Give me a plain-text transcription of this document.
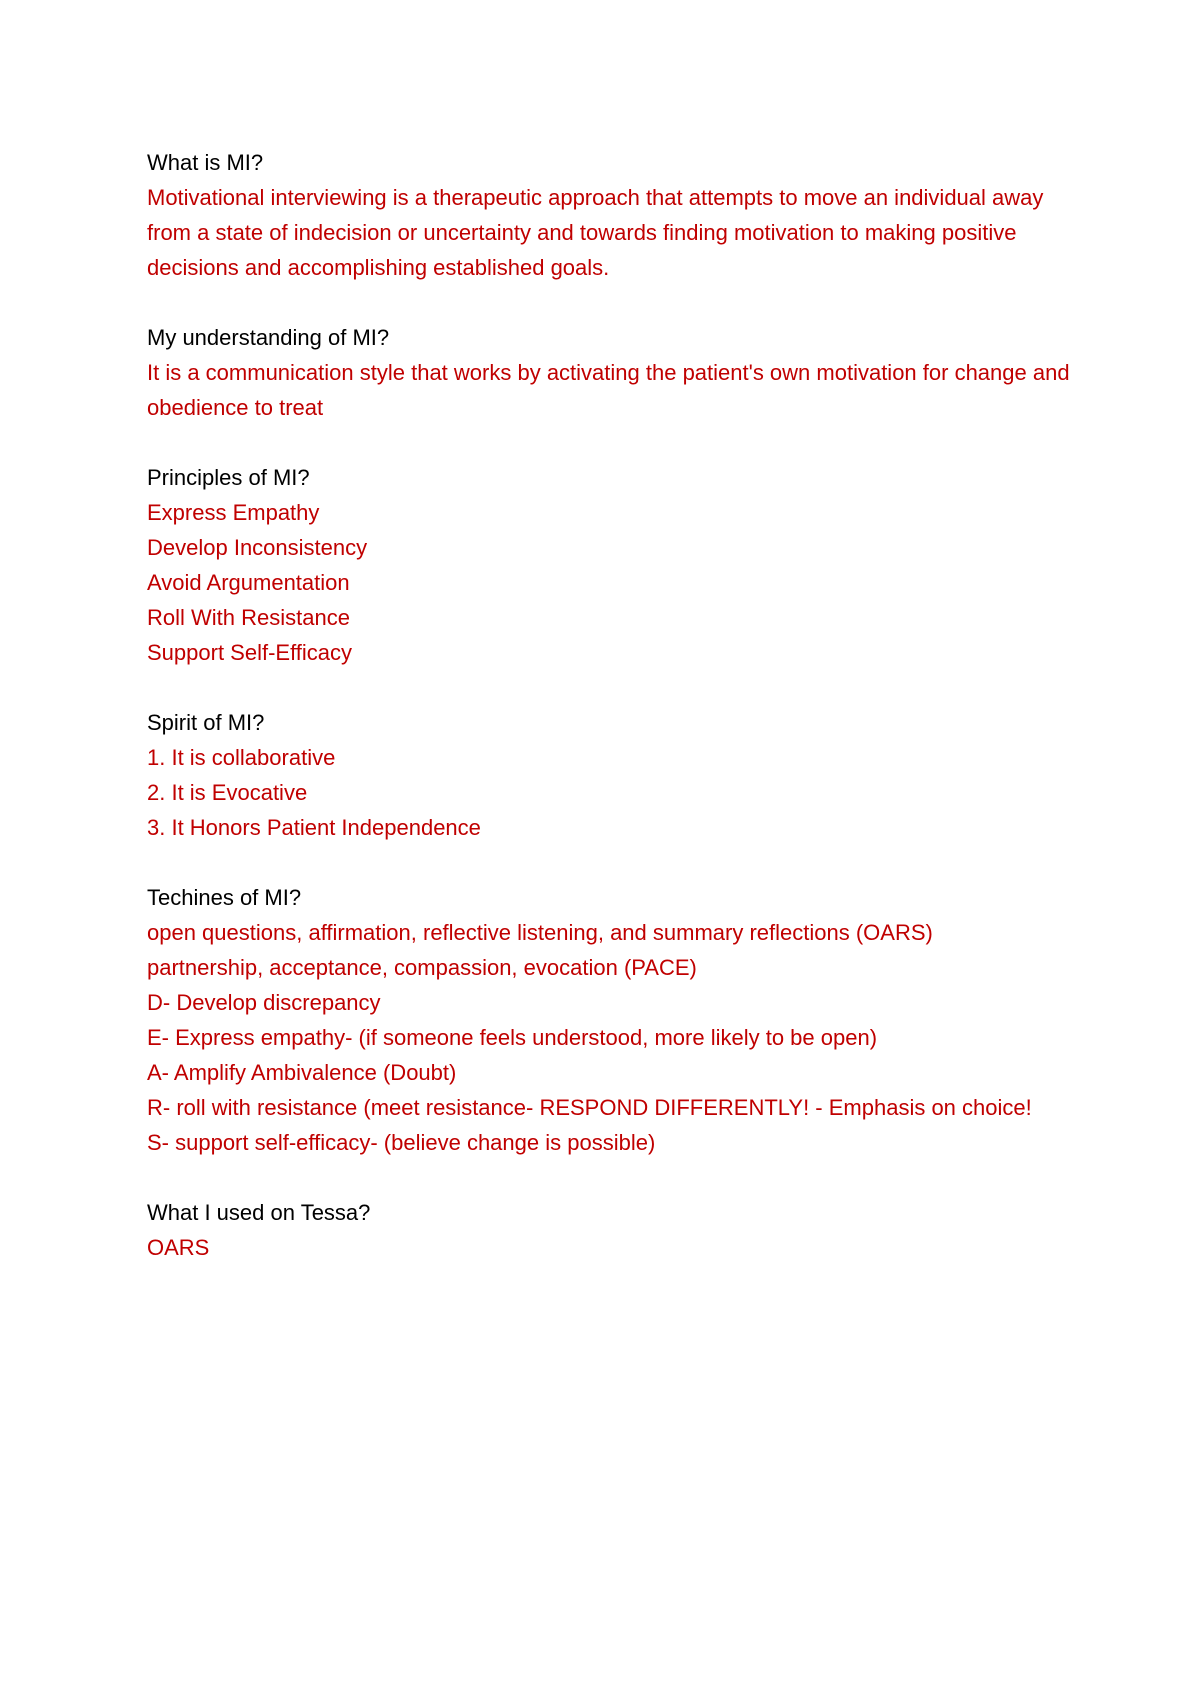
What is MI?

Motivational interviewing is a therapeutic approach that attempts to move an individual away from a state of indecision or uncertainty and towards finding motivation to making positive decisions and accomplishing established goals.

My understanding of MI?

It is a communication style that works by activating the patient's own motivation for change and obedience to treat

Principles of MI?

Express Empathy
Develop Inconsistency
Avoid Argumentation
Roll With Resistance
Support Self-Efficacy

Spirit of MI?

1. It is collaborative
2. It is Evocative
3. It Honors Patient Independence

Techines of MI?

open questions, affirmation, reflective listening, and summary reflections (OARS)
partnership, acceptance, compassion, evocation (PACE)
D- Develop discrepancy
E- Express empathy- (if someone feels understood, more likely to be open)
A- Amplify Ambivalence (Doubt)
R- roll with resistance (meet resistance- RESPOND DIFFERENTLY! - Emphasis on choice!
S- support self-efficacy- (believe change is possible)

What I used on Tessa?

OARS
